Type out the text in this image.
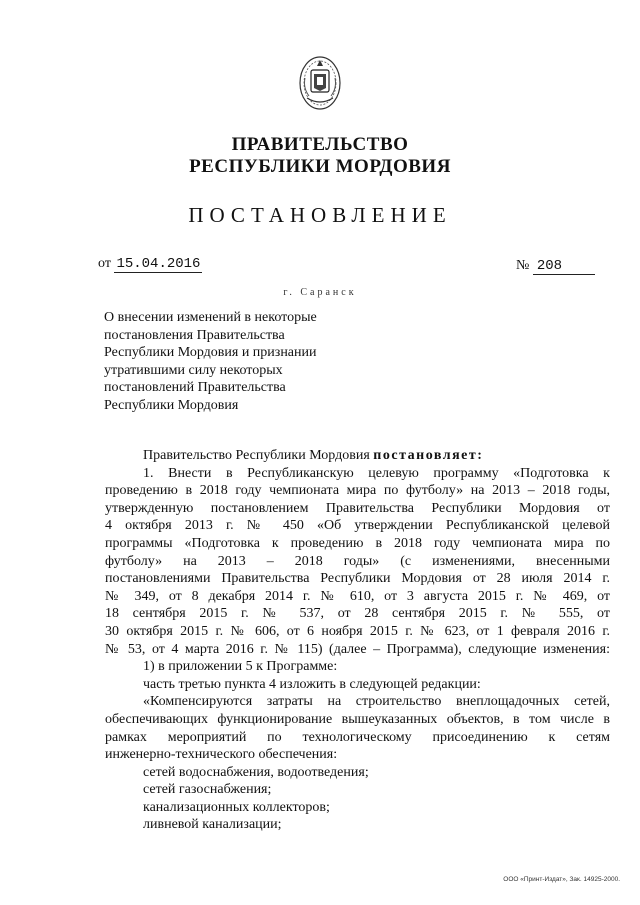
ПРАВИТЕЛЬСТВО
РЕСПУБЛИКИ МОРДОВИЯ
ПОСТАНОВЛЕНИЕ
от 15.04.2016	№ 208
г. Саранск
О внесении изменений в некоторые
постановления Правительства
Республики Мордовия и признании
утратившими силу некоторых
постановлений Правительства
Республики Мордовия
Правительство Республики Мордовия постановляет:
1. Внести в Республиканскую целевую программу «Подготовка к
проведению в 2018 году чемпионата мира по футболу» на 2013 – 2018 годы,
утвержденную постановлением Правительства Республики Мордовия от
4 октября 2013 г. № 450 «Об утверждении Республиканской целевой
программы «Подготовка к проведению в 2018 году чемпионата мира по
футболу» на 2013 – 2018 годы» (с изменениями, внесенными
постановлениями Правительства Республики Мордовия от 28 июля 2014 г.
№ 349, от 8 декабря 2014 г. № 610, от 3 августа 2015 г. № 469, от
18 сентября 2015 г. № 537, от 28 сентября 2015 г. № 555, от
30 октября 2015 г. № 606, от 6 ноября 2015 г. № 623, от 1 февраля 2016 г.
№ 53, от 4 марта 2016 г. № 115) (далее – Программа), следующие изменения:
1) в приложении 5 к Программе:
часть третью пункта 4 изложить в следующей редакции:
«Компенсируются затраты на строительство внеплощадочных сетей,
обеспечивающих функционирование вышеуказанных объектов, в том числе в
рамках мероприятий по технологическому присоединению к сетям
инженерно-технического обеспечения:
сетей водоснабжения, водоотведения;
сетей газоснабжения;
канализационных коллекторов;
ливневой канализации;
ООО «Принт-Издат», Зак. 14925-2000.
